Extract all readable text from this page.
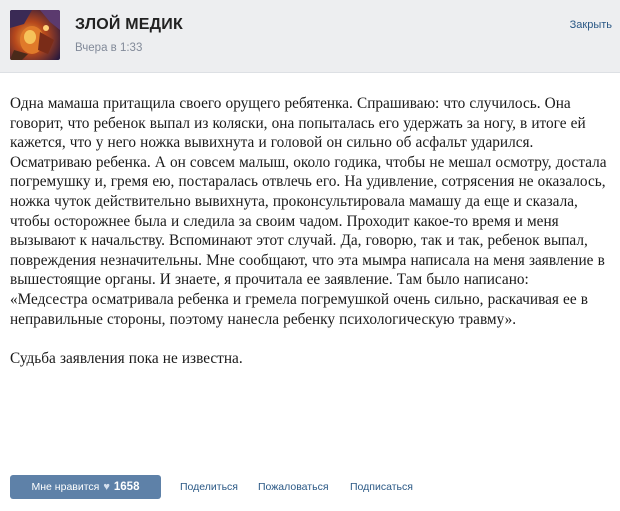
ЗЛОЙ МЕДИК
Вчера в 1:33
Закрыть

Одна мамаша притащила своего орущего ребятенка. Спрашиваю: что случилось. Она говорит, что ребенок выпал из коляски, она попыталась его удержать за ногу, в итоге ей кажется, что у него ножка вывихнута и головой он сильно об асфальт ударился. Осматриваю ребенка. А он совсем малыш, около годика, чтобы не мешал осмотру, достала погремушку и, гремя ею, постаралась отвлечь его. На удивление, сотрясения не оказалось, ножка чуток действительно вывихнута, проконсультировала мамашу да еще и сказала, чтобы осторожнее была и следила за своим чадом. Проходит какое-то время и меня вызывают к начальству. Вспоминают этот случай. Да, говорю, так и так, ребенок выпал, повреждения незначительны. Мне сообщают, что эта мымра написала на меня заявление в вышестоящие органы. И знаете, я прочитала ее заявление. Там было написано: «Медсестра осматривала ребенка и гремела погремушкой очень сильно, раскачивая ее в неправильные стороны, поэтому нанесла ребенку психологическую травму».

Судьба заявления пока не известна.

Мне нравится ♥ 1658	Поделиться Пожаловаться Подписаться
